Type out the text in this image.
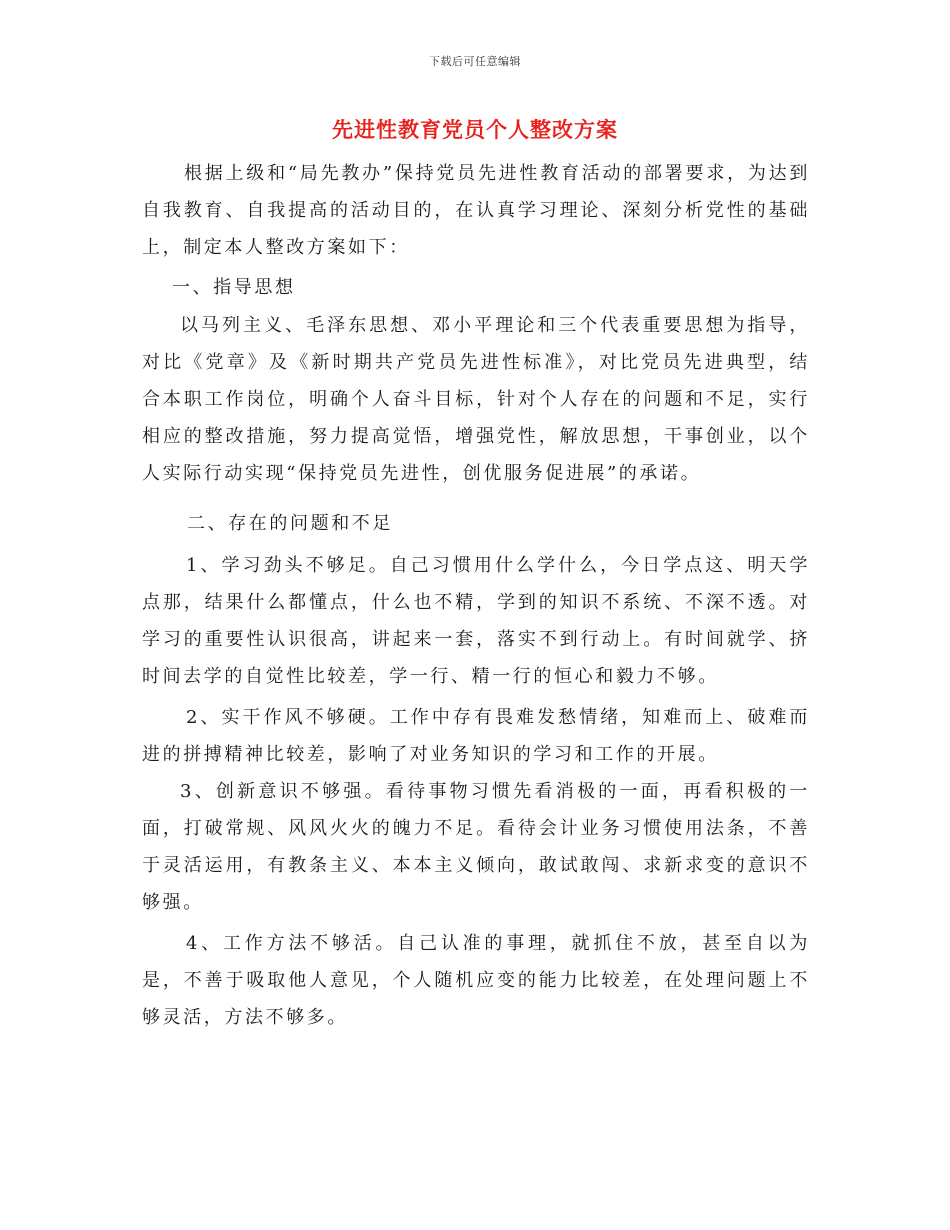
下载后可任意编辑
先进性教育党员个人整改方案

根据上级和“局先教办”保持党员先进性教育活动的部署要求，为达到自我教育、自我提高的活动目的，在认真学习理论、深刻分析党性的基础上，制定本人整改方案如下：

一、指导思想

以马列主义、毛泽东思想、邓小平理论和三个代表重要思想为指导，对比《党章》及《新时期共产党员先进性标准》，对比党员先进典型，结合本职工作岗位，明确个人奋斗目标，针对个人存在的问题和不足，实行相应的整改措施，努力提高觉悟，增强党性，解放思想，干事创业，以个人实际行动实现“保持党员先进性，创优服务促进展”的承诺。

二、存在的问题和不足

1、学习劲头不够足。自己习惯用什么学什么，今日学点这、明天学点那，结果什么都懂点，什么也不精，学到的知识不系统、不深不透。对学习的重要性认识很高，讲起来一套，落实不到行动上。有时间就学、挤时间去学的自觉性比较差，学一行、精一行的恒心和毅力不够。

2、实干作风不够硬。工作中存有畏难发愁情绪，知难而上、破难而进的拼搏精神比较差，影响了对业务知识的学习和工作的开展。

3、创新意识不够强。看待事物习惯先看消极的一面，再看积极的一面，打破常规、风风火火的魄力不足。看待会计业务习惯使用法条，不善于灵活运用，有教条主义、本本主义倾向，敢试敢闯、求新求变的意识不够强。

4、工作方法不够活。自己认准的事理，就抓住不放，甚至自以为是，不善于吸取他人意见，个人随机应变的能力比较差，在处理问题上不够灵活，方法不够多。
